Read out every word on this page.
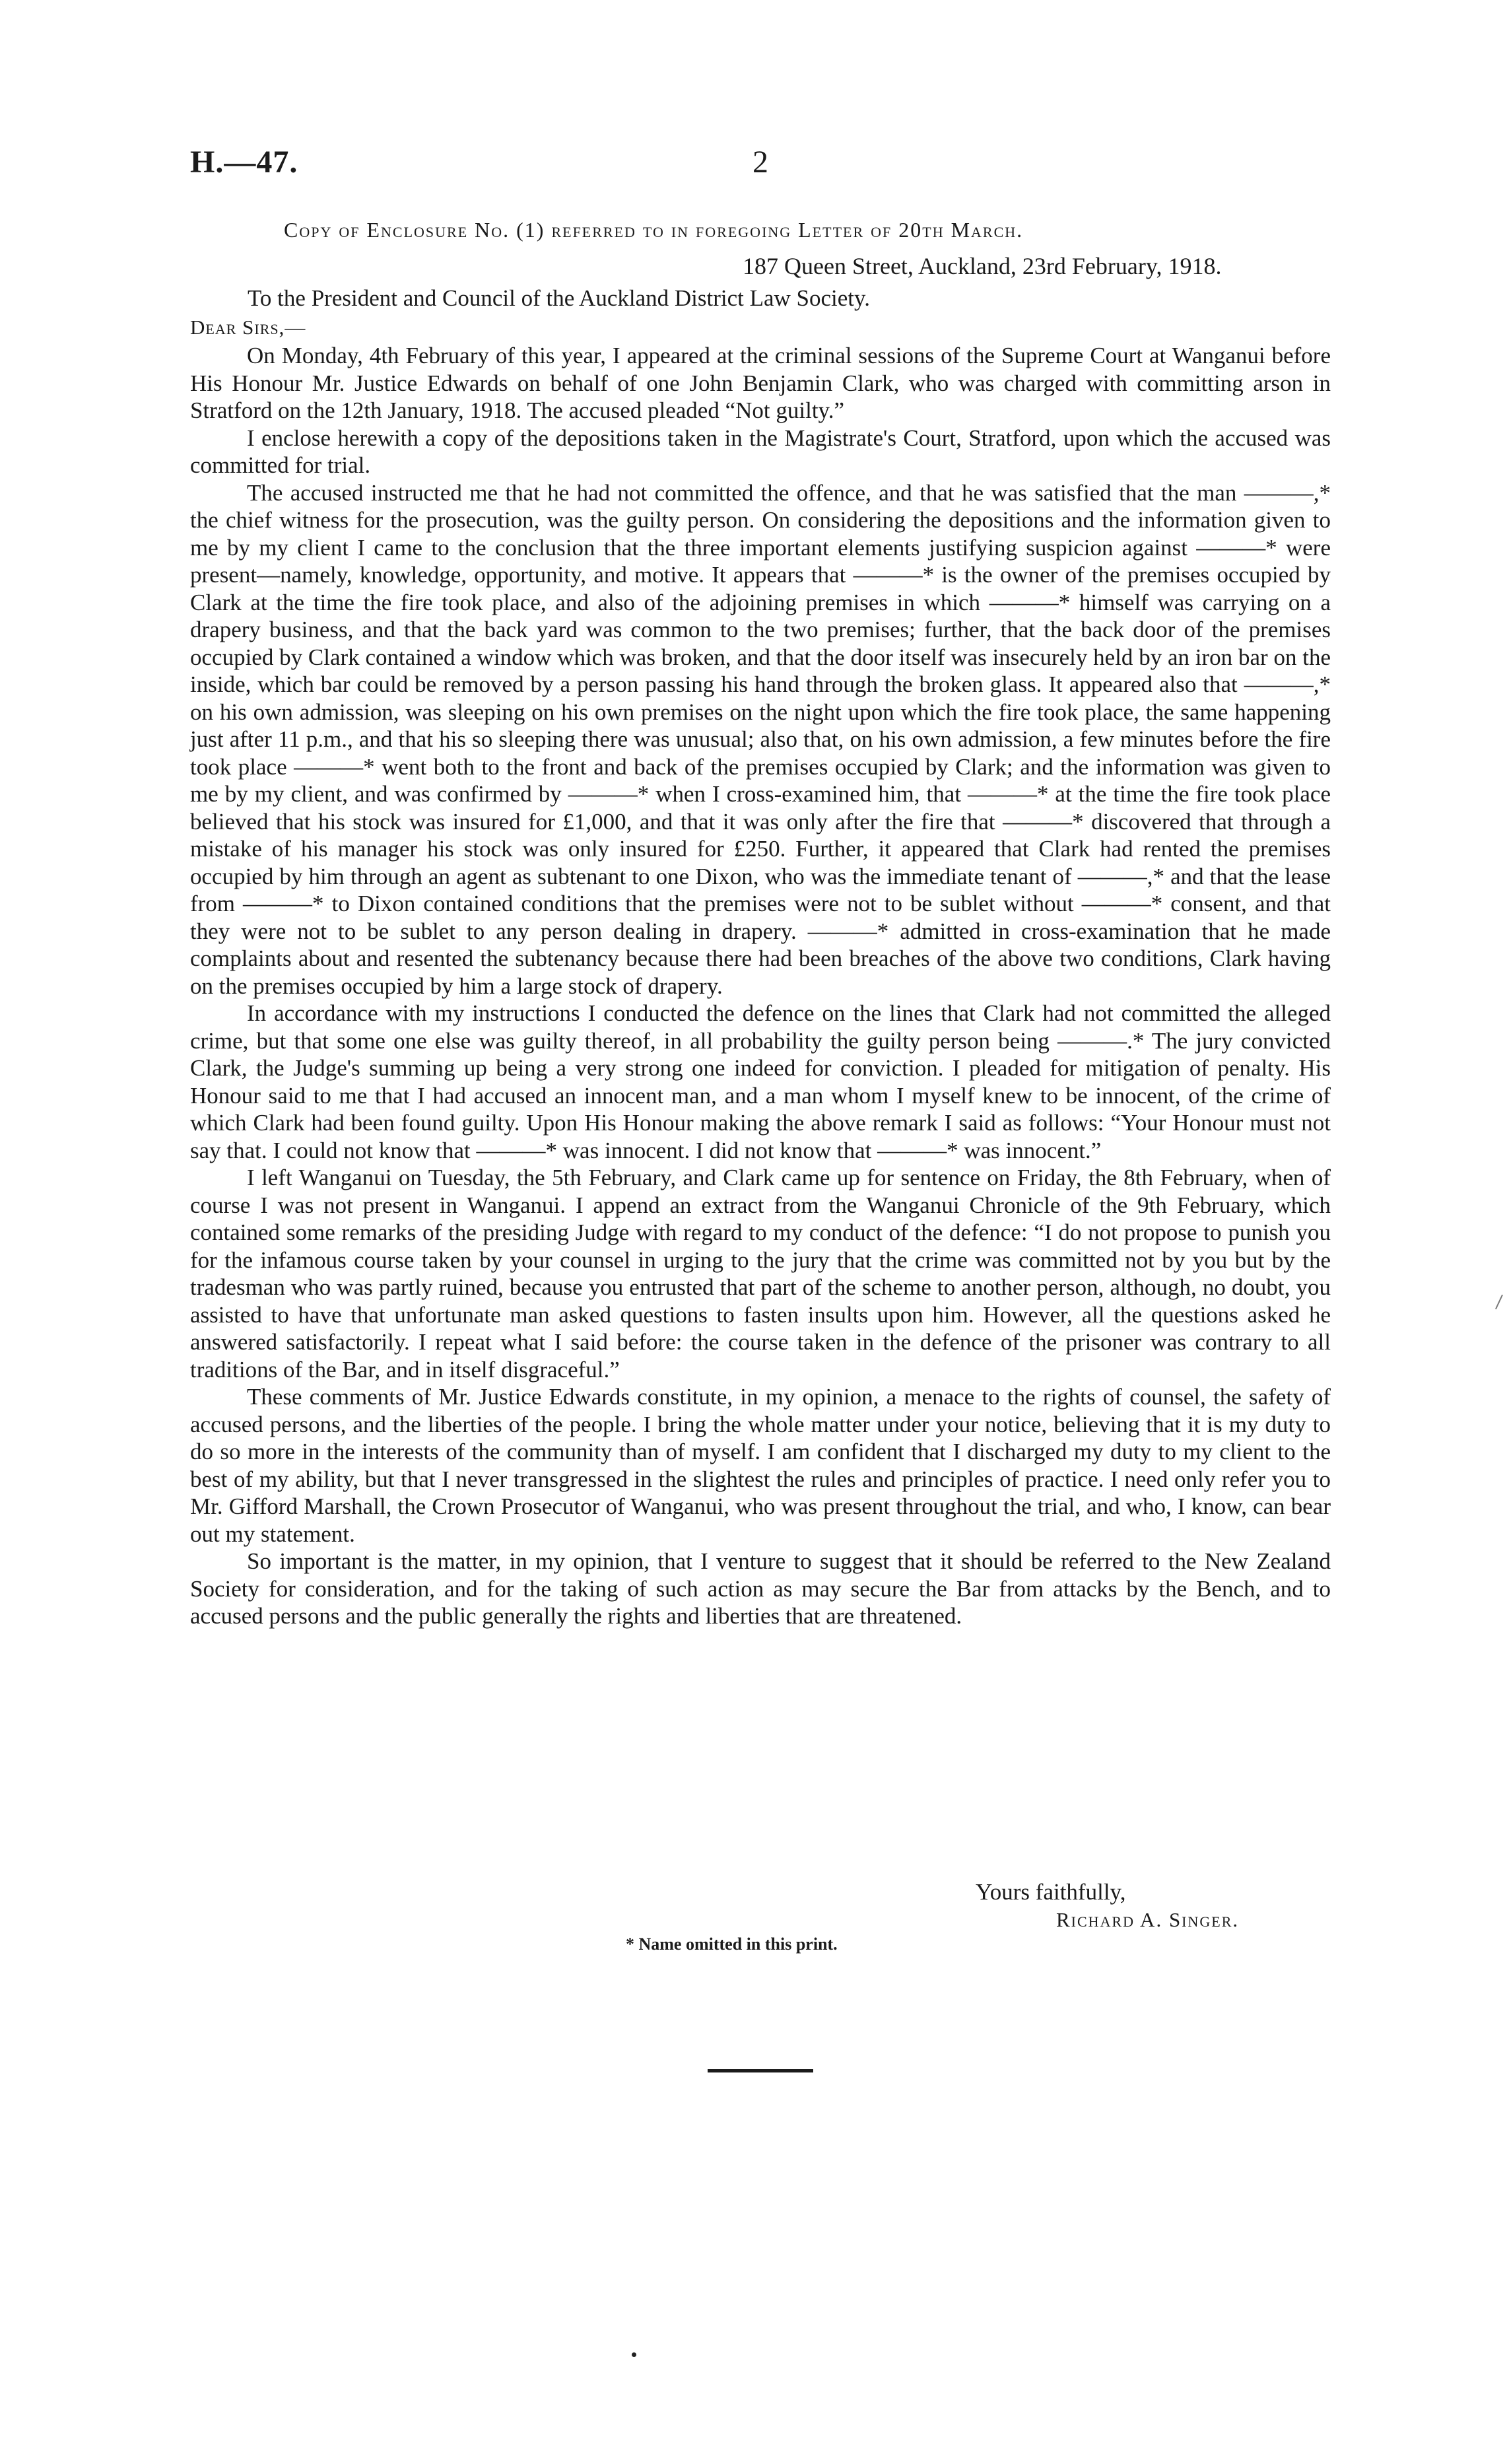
H.—47.	2
Copy of Enclosure No. (1) referred to in foregoing Letter of 20th March.
187 Queen Street, Auckland, 23rd February, 1918.
To the President and Council of the Auckland District Law Society.
Dear Sirs,—

On Monday, 4th February of this year, I appeared at the criminal sessions of the Supreme Court at Wanganui before His Honour Mr. Justice Edwards on behalf of one John Benjamin Clark, who was charged with committing arson in Stratford on the 12th January, 1918. The accused pleaded “Not guilty.”

I enclose herewith a copy of the depositions taken in the Magistrate's Court, Stratford, upon which the accused was committed for trial.

The accused instructed me that he had not committed the offence, and that he was satisfied that the man ———,* the chief witness for the prosecution, was the guilty person. On considering the depositions and the information given to me by my client I came to the conclusion that the three important elements justifying suspicion against ———* were present—namely, knowledge, opportunity, and motive. It appears that ———* is the owner of the premises occupied by Clark at the time the fire took place, and also of the adjoining premises in which ———* himself was carrying on a drapery business, and that the back yard was common to the two premises; further, that the back door of the premises occupied by Clark contained a window which was broken, and that the door itself was insecurely held by an iron bar on the inside, which bar could be removed by a person passing his hand through the broken glass. It appeared also that ———,* on his own admission, was sleeping on his own premises on the night upon which the fire took place, the same happening just after 11 p.m., and that his so sleeping there was unusual; also that, on his own admission, a few minutes before the fire took place ———* went both to the front and back of the premises occupied by Clark; and the information was given to me by my client, and was confirmed by ———* when I cross-examined him, that ———* at the time the fire took place believed that his stock was insured for £1,000, and that it was only after the fire that ———* discovered that through a mistake of his manager his stock was only insured for £250. Further, it appeared that Clark had rented the premises occupied by him through an agent as subtenant to one Dixon, who was the immediate tenant of ———,* and that the lease from ———* to Dixon contained conditions that the premises were not to be sublet without ———* consent, and that they were not to be sublet to any person dealing in drapery. ———* admitted in cross-examination that he made complaints about and resented the subtenancy because there had been breaches of the above two conditions, Clark having on the premises occupied by him a large stock of drapery.

In accordance with my instructions I conducted the defence on the lines that Clark had not committed the alleged crime, but that some one else was guilty thereof, in all probability the guilty person being ———.* The jury convicted Clark, the Judge's summing up being a very strong one indeed for conviction. I pleaded for mitigation of penalty. His Honour said to me that I had accused an innocent man, and a man whom I myself knew to be innocent, of the crime of which Clark had been found guilty. Upon His Honour making the above remark I said as follows: “Your Honour must not say that. I could not know that ———* was innocent. I did not know that ———* was innocent.”

I left Wanganui on Tuesday, the 5th February, and Clark came up for sentence on Friday, the 8th February, when of course I was not present in Wanganui. I append an extract from the Wanganui Chronicle of the 9th February, which contained some remarks of the presiding Judge with regard to my conduct of the defence: “I do not propose to punish you for the infamous course taken by your counsel in urging to the jury that the crime was committed not by you but by the tradesman who was partly ruined, because you entrusted that part of the scheme to another person, although, no doubt, you assisted to have that unfortunate man asked questions to fasten insults upon him. However, all the questions asked he answered satisfactorily. I repeat what I said before: the course taken in the defence of the prisoner was contrary to all traditions of the Bar, and in itself disgraceful.”

These comments of Mr. Justice Edwards constitute, in my opinion, a menace to the rights of counsel, the safety of accused persons, and the liberties of the people. I bring the whole matter under your notice, believing that it is my duty to do so more in the interests of the community than of myself. I am confident that I discharged my duty to my client to the best of my ability, but that I never transgressed in the slightest the rules and principles of practice. I need only refer you to Mr. Gifford Marshall, the Crown Prosecutor of Wanganui, who was present throughout the trial, and who, I know, can bear out my statement.

So important is the matter, in my opinion, that I venture to suggest that it should be referred to the New Zealand Society for consideration, and for the taking of such action as may secure the Bar from attacks by the Bench, and to accused persons and the public generally the rights and liberties that are threatened.

Yours faithfully,
Richard A. Singer.
* Name omitted in this print.
